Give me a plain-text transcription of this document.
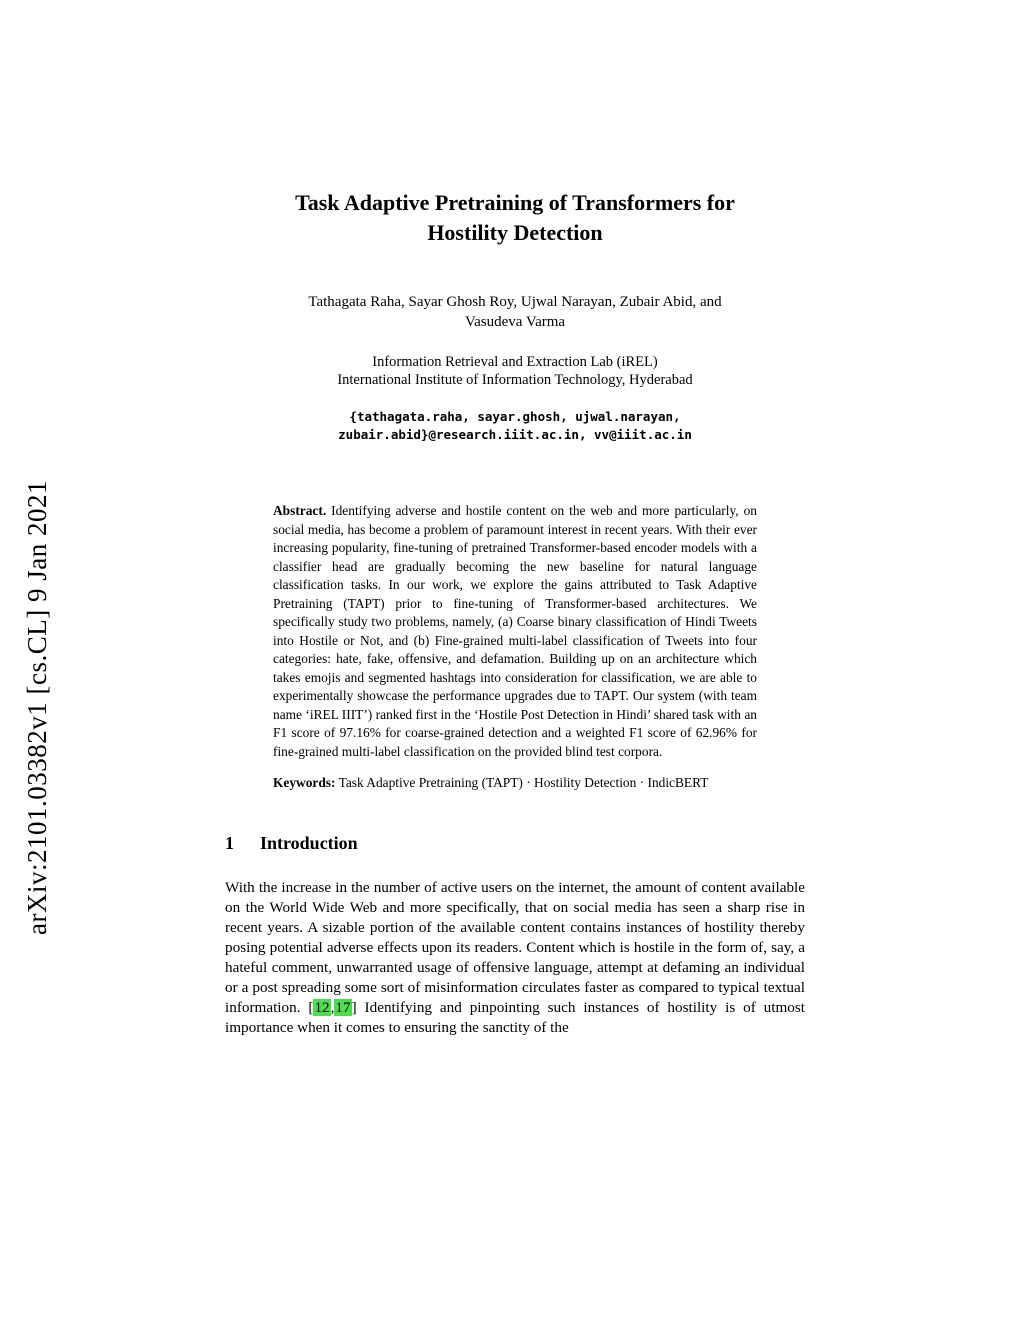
arXiv:2101.03382v1 [cs.CL] 9 Jan 2021
Task Adaptive Pretraining of Transformers for
Hostility Detection
Tathagata Raha, Sayar Ghosh Roy, Ujwal Narayan, Zubair Abid, and
Vasudeva Varma
Information Retrieval and Extraction Lab (iREL)
International Institute of Information Technology, Hyderabad
{tathagata.raha, sayar.ghosh, ujwal.narayan,
zubair.abid}@research.iiit.ac.in, vv@iiit.ac.in

Abstract. Identifying adverse and hostile content on the web and more particularly, on social media, has become a problem of paramount interest in recent years. With their ever increasing popularity, fine-tuning of pretrained Transformer-based encoder models with a classifier head are gradually becoming the new baseline for natural language classification tasks. In our work, we explore the gains attributed to Task Adaptive Pretraining (TAPT) prior to fine-tuning of Transformer-based architectures. We specifically study two problems, namely, (a) Coarse binary classification of Hindi Tweets into Hostile or Not, and (b) Fine-grained multi-label classification of Tweets into four categories: hate, fake, offensive, and defamation. Building up on an architecture which takes emojis and segmented hashtags into consideration for classification, we are able to experimentally showcase the performance upgrades due to TAPT. Our system (with team name ‘iREL IIIT’) ranked first in the ‘Hostile Post Detection in Hindi’ shared task with an F1 score of 97.16% for coarse-grained detection and a weighted F1 score of 62.96% for fine-grained multi-label classification on the provided blind test corpora.

Keywords: Task Adaptive Pretraining (TAPT) · Hostility Detection · IndicBERT

1 Introduction

With the increase in the number of active users on the internet, the amount of content available on the World Wide Web and more specifically, that on social media has seen a sharp rise in recent years. A sizable portion of the available content contains instances of hostility thereby posing potential adverse effects upon its readers. Content which is hostile in the form of, say, a hateful comment, unwarranted usage of offensive language, attempt at defaming an individual or a post spreading some sort of misinformation circulates faster as compared to typical textual information. [12,17] Identifying and pinpointing such instances of hostility is of utmost importance when it comes to ensuring the sanctity of the
